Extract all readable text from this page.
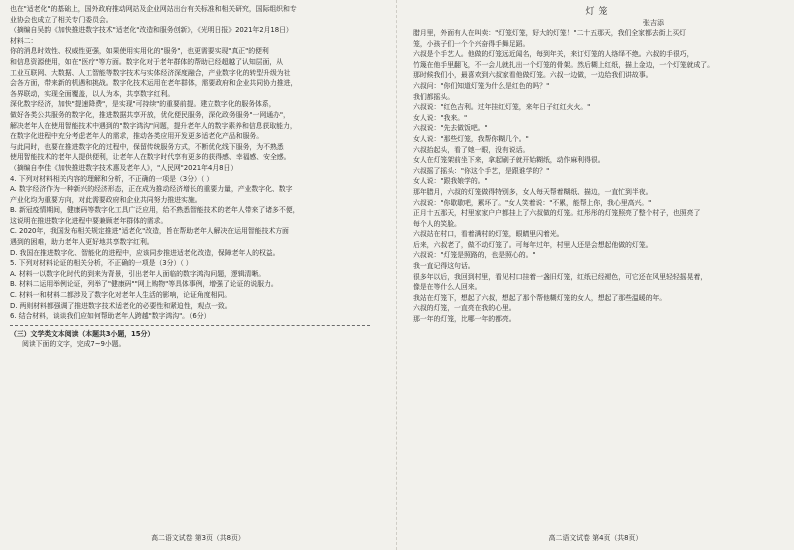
也在"适老化"的基础上，国外政府推动网站及企业网站出台有关标准和相关研究，国际组织和专
业协会也成立了相关专门委员会。
（摘编自吴韵《加快推进数字技术"适老化"改造和服务创新》，《光明日报》2021年2月18日）
材料二：
你的消息时效性、权威性更强，如果使用实用化的"服务"，也更需要实现"真正"的便利
和信息资源使用，如在"医疗"等方面。数字化对于老年群体的帮助已经超越了认知层面，从
工业互联网、大数据、人工智能等数字技术与实体经济深度融合，产业数字化的转型升级为社
会各方面，带来新的机遇和挑战。数字化技术运用在老年群体，需要政府和企业共同协力推进，
各界联动，实现全面覆盖，以人为本，共享数字红利。
深化数字经济，加快"提速降费"，是实现"可持续"的重要前提。建立数字化的服务体系，
做好各类公共服务的数字化，推进数据共享开放，优化便民服务，深化政务服务"一网通办"，
解决老年人在使用智能技术中遇到的"数字鸿沟"问题，提升老年人的数字素养和信息获取能力，
在数字化进程中充分考虑老年人的需求，推动各类应用开发更多适老化产品和服务。
与此同时，也要在推进数字化的过程中，保留传统服务方式，不断优化线下服务，为不熟悉
使用智能技术的老年人提供便利，让老年人在数字时代享有更多的获得感、幸福感、安全感。
（摘编自李佳《加快推进数字技术惠及老年人》，"人民网"2021年4月8日）
4. 下列对材料相关内容的理解和分析，不正确的一项是（3分）（ ）
A. 数字经济作为一种新兴的经济形态，正在成为推动经济增长的重要力量，产业数字化、数字
产业化均为重要方向，对此需要政府和企业共同努力推进实施。
B. 新冠疫情期间，健康码等数字化工具广泛应用，给不熟悉智能技术的老年人带来了诸多不便，
这说明在推进数字化进程中要兼顾老年群体的需求。
C. 2020年，我国发布相关规定推进"适老化"改造，旨在帮助老年人解决在运用智能技术方面
遇到的困难，助力老年人更好地共享数字红利。
D. 我国在推进数字化、智能化的进程中，应该同步推进适老化改造，保障老年人的权益。
5. 下列对材料论证的相关分析，不正确的一项是（3分）（ ）
A. 材料一以数字化时代的到来为背景，引出老年人面临的数字鸿沟问题，逻辑清晰。
B. 材料二运用举例论证，列举了"健康码""网上购物"等具体事例，增强了论证的说服力。
C. 材料一和材料二都涉及了数字化对老年人生活的影响，论证角度相同。
D. 两则材料都强调了推进数字技术适老化的必要性和紧迫性，观点一致。
6. 结合材料，谈谈我们应如何帮助老年人跨越"数字鸿沟"。（6分）
（三）文学类文本阅读（本题共3小题，15分）
阅读下面的文字，完成7~9小题。
高二语文试卷 第3页（共8页）
灯笼
张吉添
腊月里，外面有人在叫卖："灯笼灯笼，好大的灯笼！"二十五那天，我们全家都去街上买灯
笼，小孩子们一个个兴奋得手舞足蹈。
六叔是个手艺人。他做的灯笼远近闻名，每到年关，来订灯笼的人络绎不绝。六叔的手很巧，
竹篾在他手里翻飞，不一会儿就扎出一个灯笼的骨架。然后糊上红纸，描上金边，一个灯笼就成了。
那时候我们小，最喜欢到六叔家看他做灯笼。六叔一边做，一边给我们讲故事。
六叔问："你们知道灯笼为什么是红色的吗？"
我们都摇头。
六叔说："红色吉利。过年挂红灯笼，来年日子红红火火。"
女人说："我来。"
六叔说："先去做饭吧。"
女人说："那些灯笼，我帮你糊几个。"
六叔抬起头，看了她一眼，没有说话。
女人在灯笼架前坐下来，拿起刷子就开始糊纸，动作麻利得很。
六叔摇了摇头："你这个手艺，是跟谁学的？"
女人说："跟我娘学的。"
那年腊月，六叔的灯笼做得特别多，女人每天帮着糊纸、描边，一直忙到半夜。
六叔说："你歇歇吧，累坏了。"女人笑着说："不累，能帮上你，我心里高兴。"
正月十五那天，村里家家户户都挂上了六叔做的灯笼。红彤彤的灯笼照亮了整个村子，也照亮了
每个人的笑脸。
六叔站在村口，看着满村的灯笼，眼睛里闪着光。
后来，六叔老了，做不动灯笼了。可每年过年，村里人还是会想起他做的灯笼。
六叔说："灯笼是照路的，也是照心的。"
我一直记得这句话。
很多年以后，我回到村里，看见村口挂着一盏旧灯笼，红纸已经褪色，可它还在风里轻轻摇晃着，
像是在等什么人回来。
我站在灯笼下，想起了六叔，想起了那个帮他糊灯笼的女人，想起了那些温暖的年。
六叔的灯笼，一直亮在我的心里。
那一年的灯笼，比哪一年的都亮。
高二语文试卷 第4页（共8页）
